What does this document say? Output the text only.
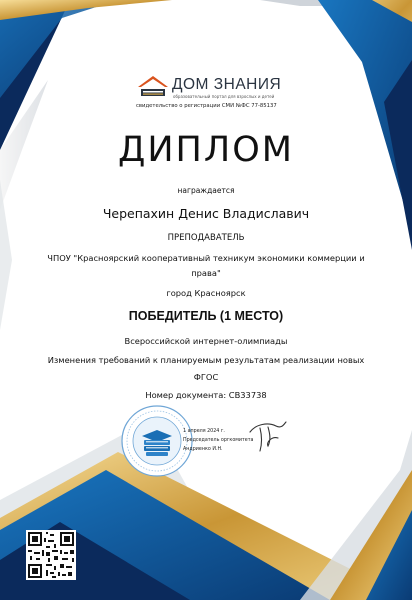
ДОМ ЗНАНИЯ
образовательный портал для взрослых и детей
свидетельство о регистрации СМИ №ФС 77-85137
ДИПЛОМ
награждается
Черепахин Денис Владиславич
ПРЕПОДАВАТЕЛЬ
ЧПОУ "Красноярский кооперативный техникум экономики коммерции и права"
город Красноярск
ПОБЕДИТЕЛЬ (1 МЕСТО)
Всероссийской интернет-олимпиады
Изменения требований к планируемым результатам реализации новых ФГОС
Номер документа: СВ33738
1 апреля 2024 г.
Председатель оргкомитета
Андриенко И.Н.
